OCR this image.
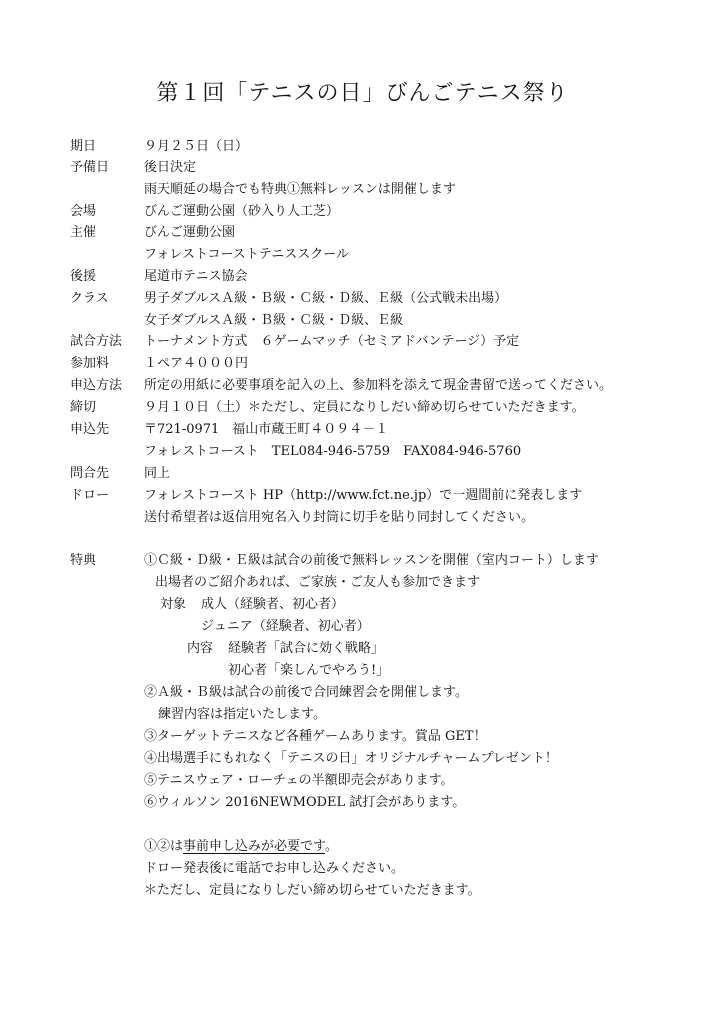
第１回「テニスの日」びんごテニス祭り
期日	９月２５日（日）
予備日	後日決定
雨天順延の場合でも特典①無料レッスンは開催します
会場	びんご運動公園（砂入り人工芝）
主催	びんご運動公園
フォレストコーストテニススクール
後援	尾道市テニス協会
クラス	男子ダブルスＡ級・Ｂ級・Ｃ級・Ｄ級、Ｅ級（公式戦未出場）
女子ダブルスＡ級・Ｂ級・Ｃ級・Ｄ級、Ｅ級
試合方法 トーナメント方式　６ゲームマッチ（セミアドバンテージ）予定
参加料	１ペア４０００円
申込方法 所定の用紙に必要事項を記入の上、参加料を添えて現金書留で送ってください。
締切	９月１０日（土）＊ただし、定員になりしだい締め切らせていただきます。
申込先	〒721-0971　福山市蔵王町４０９４－１
フォレストコースト　TEL084-946-5759　FAX084-946-5760
問合先	同上
ドロー	フォレストコースト HP（http://www.fct.ne.jp）で一週間前に発表します
送付希望者は返信用宛名入り封筒に切手を貼り同封してください。
特典	①Ｃ級・Ｄ級・Ｅ級は試合の前後で無料レッスンを開催（室内コート）します
出場者のご紹介あれば、ご家族・ご友人も参加できます
対象 成人（経験者、初心者）
ジュニア（経験者、初心者）
内容 経験者「試合に効く戦略」
初心者「楽しんでやろう!」
②Ａ級・Ｂ級は試合の前後で合同練習会を開催します。
練習内容は指定いたします。
③ターゲットテニスなど各種ゲームあります。賞品 GET！
④出場選手にもれなく「テニスの日」オリジナルチャームプレゼント！
⑤テニスウェア・ローチェの半額即売会があります。
⑥ウィルソン 2016NEWMODEL 試打会があります。
①②は事前申し込みが必要です。
ドロー発表後に電話でお申し込みください。
＊ただし、定員になりしだい締め切らせていただきます。
